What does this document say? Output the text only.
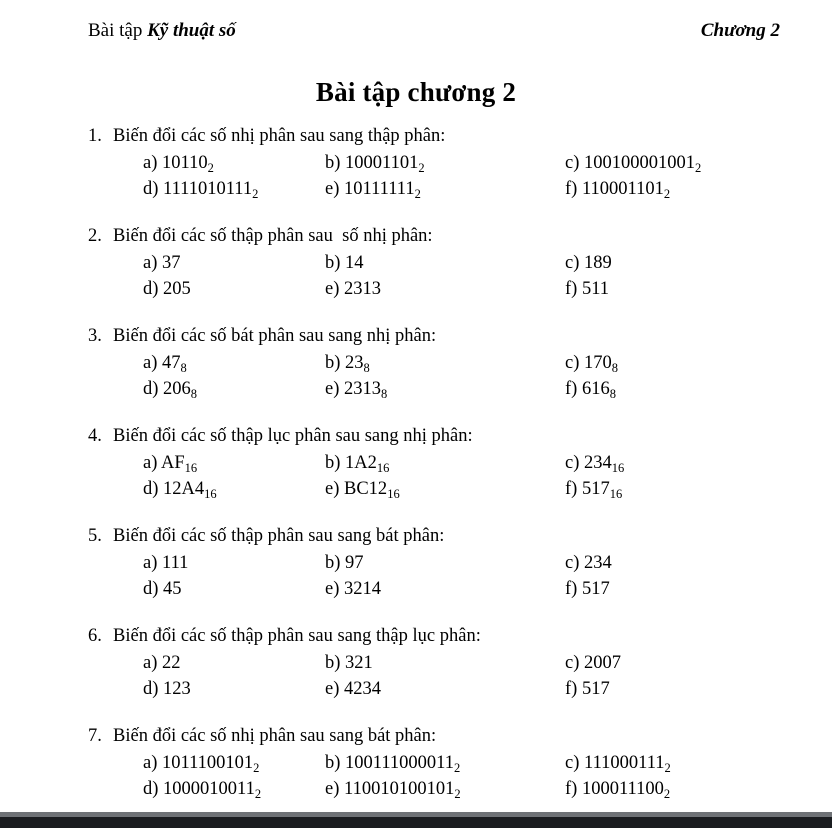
Bài tập Kỹ thuật số	Chương 2
Bài tập chương 2
1. Biến đổi các số nhị phân sau sang thập phân:
a) $10110_2$	b) $10001101_2$	c) $100100001001_2$
d) $1111010111_2$	e) $10111111_2$	f) $110001101_2$
2. Biến đổi các số thập phân sau  số nhị phân:
a) 37	b) 14	c) 189
d) 205	e) 2313	f) 511
3. Biến đổi các số bát phân sau sang nhị phân:
a) $47_8$	b) $23_8$	c) $170_8$
d) $206_8$	e) $2313_8$	f) $616_8$
4. Biến đổi các số thập lục phân sau sang nhị phân:
a) $AF_{16}$	b) $1A2_{16}$	c) $234_{16}$
d) $12A4_{16}$	e) $BC12_{16}$	f) $517_{16}$
5. Biến đổi các số thập phân sau sang bát phân:
a) 111	b) 97	c) 234
d) 45	e) 3214	f) 517
6. Biến đổi các số thập phân sau sang thập lục phân:
a) 22	b) 321	c) 2007
d) 123	e) 4234	f) 517
7. Biến đổi các số nhị phân sau sang bát phân:
a) $1011100101_2$	b) $100111000011_2$	c) $111000111_2$
d) $1000010011_2$	e) $110010100101_2$	f) $100011100_2$
